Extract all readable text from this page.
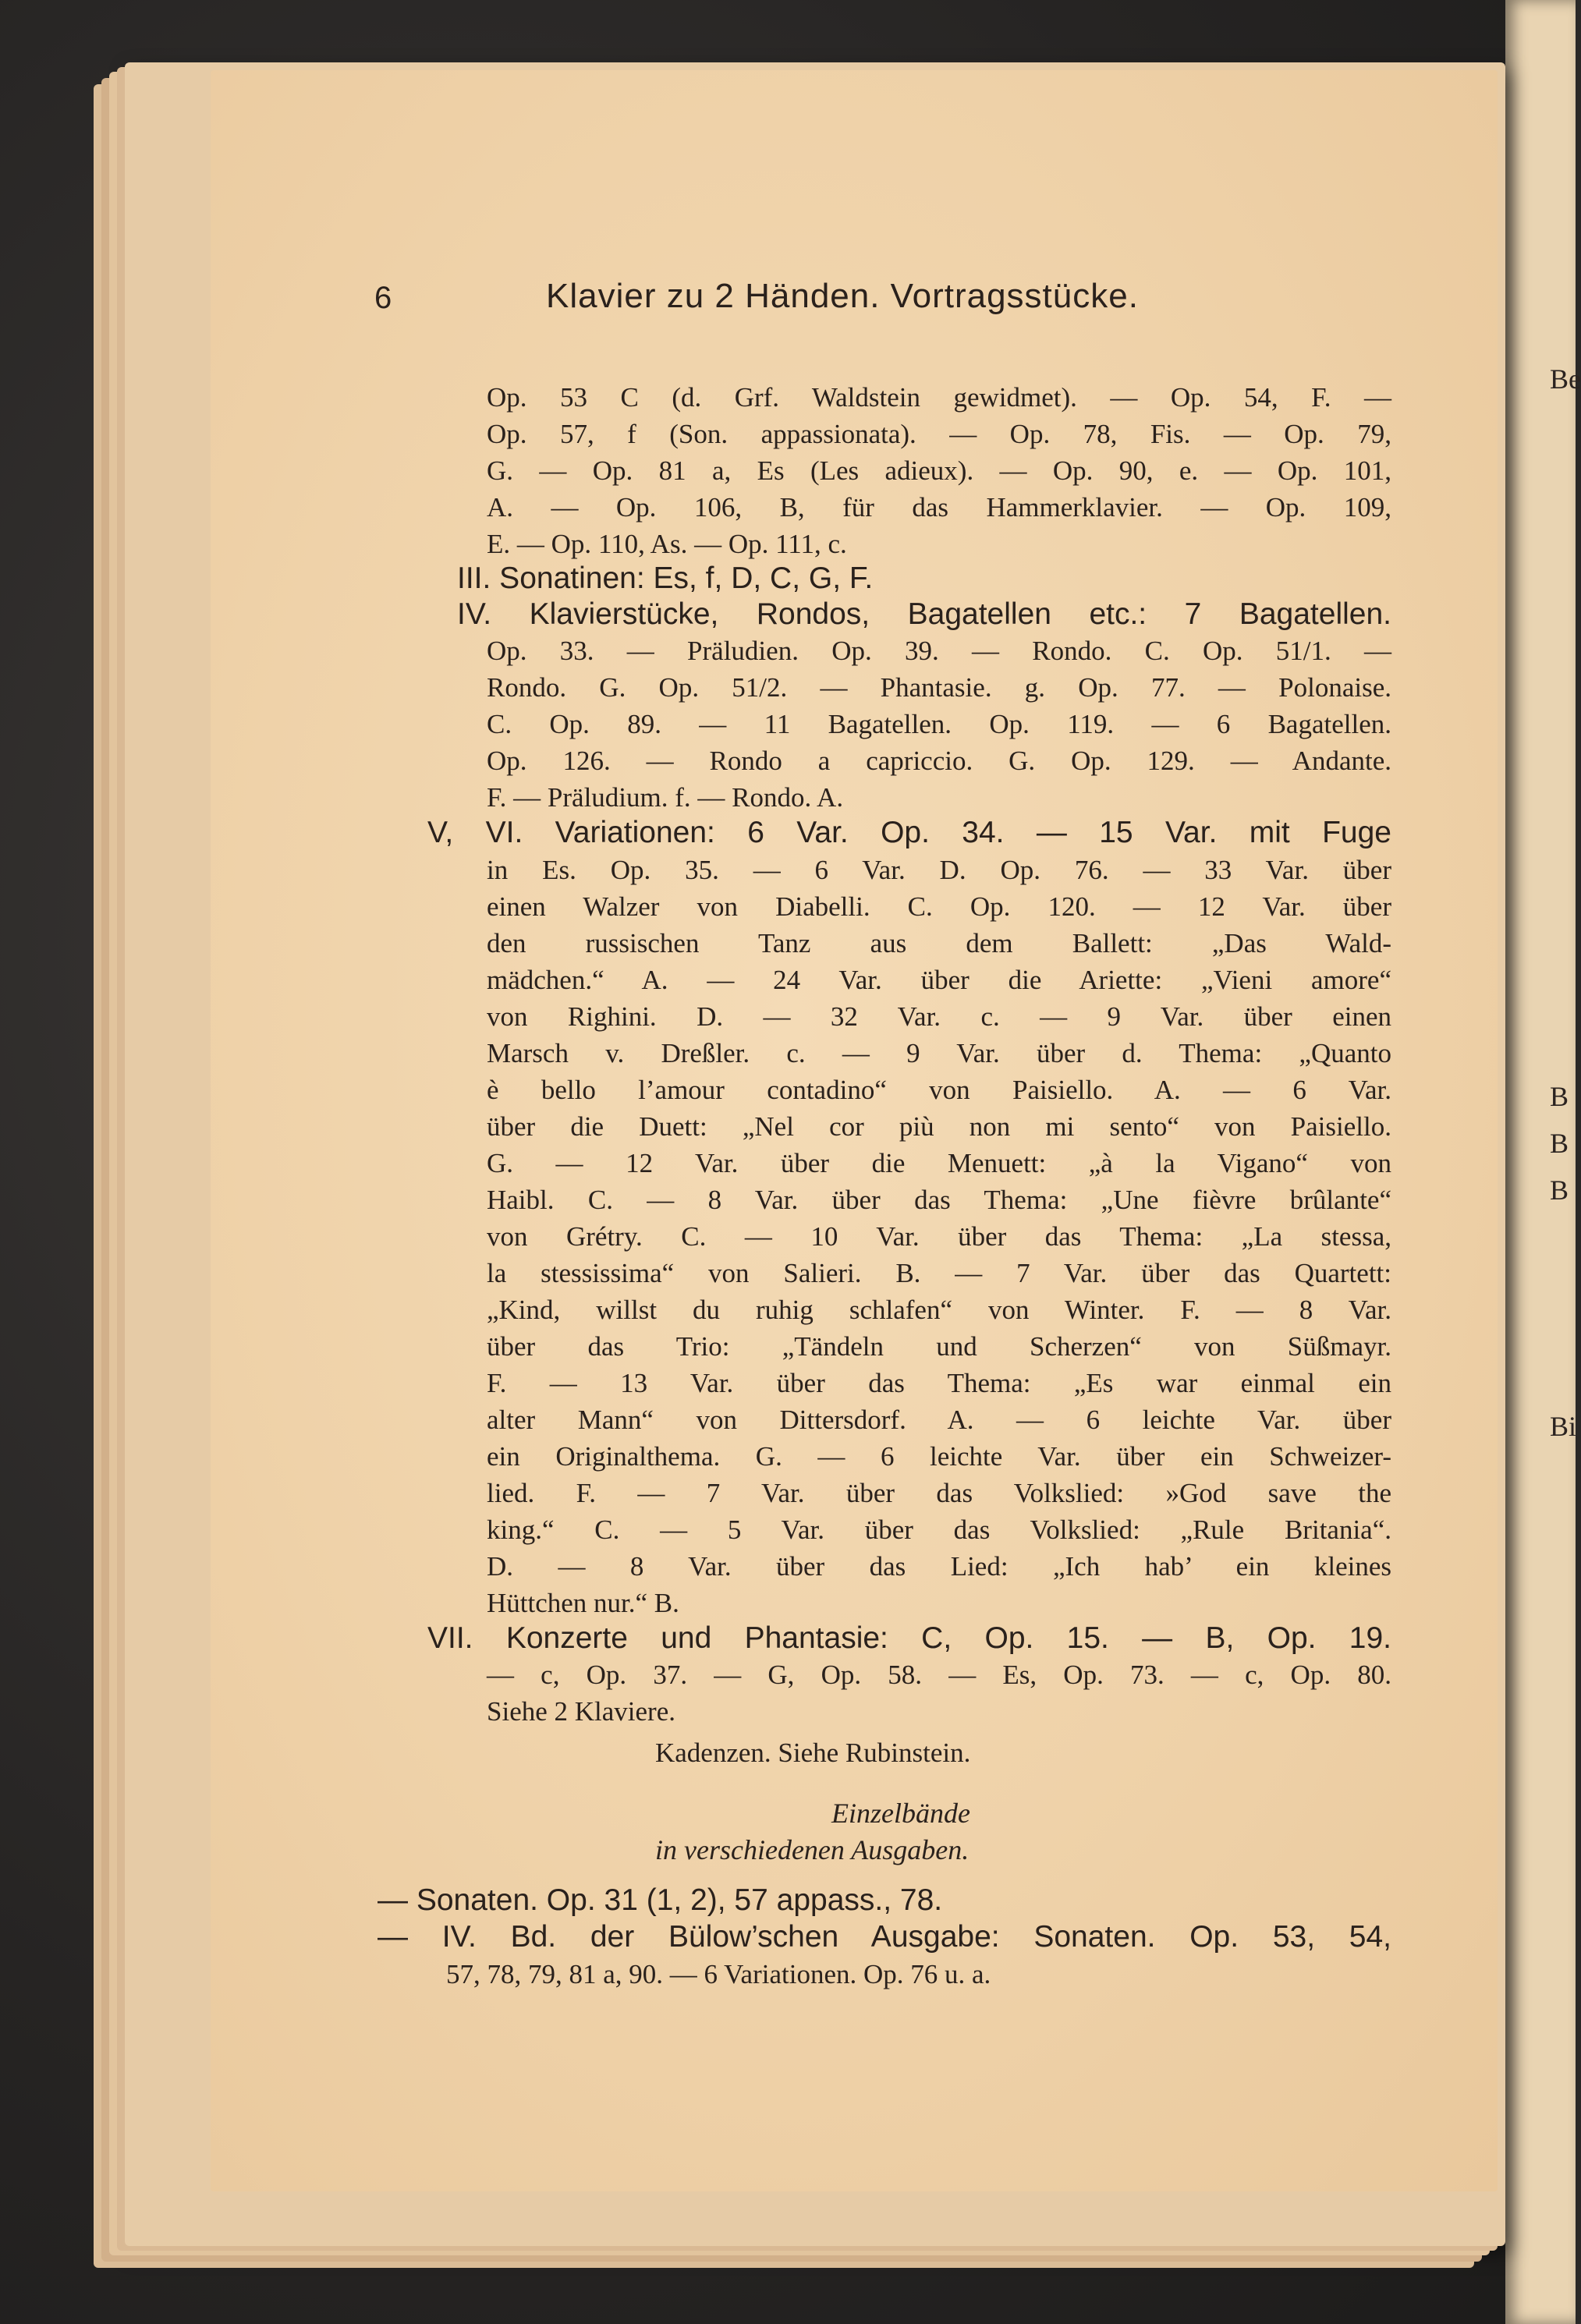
Be
B
B
B
Bi
6	Klavier zu 2 Händen. Vortragsstücke.
Op. 53 C (d. Grf. Waldstein gewidmet). — Op. 54, F. —
Op. 57, f (Son. appassionata). — Op. 78, Fis. — Op. 79,
G. — Op. 81 a, Es (Les adieux). — Op. 90, e. — Op. 101,
A. — Op. 106, B, für das Hammerklavier. — Op. 109,
E. — Op. 110, As. — Op. 111, c.
III. Sonatinen: Es, f, D, C, G, F.
IV. Klavierstücke, Rondos, Bagatellen etc.: 7 Bagatellen.
Op. 33. — Präludien. Op. 39. — Rondo. C. Op. 51/1. —
Rondo. G. Op. 51/2. — Phantasie. g. Op. 77. — Polonaise.
C. Op. 89. — 11 Bagatellen. Op. 119. — 6 Bagatellen.
Op. 126. — Rondo a capriccio. G. Op. 129. — Andante.
F. — Präludium. f. — Rondo. A.
V, VI. Variationen: 6 Var. Op. 34. — 15 Var. mit Fuge
in Es. Op. 35. — 6 Var. D. Op. 76. — 33 Var. über
einen Walzer von Diabelli. C. Op. 120. — 12 Var. über
den russischen Tanz aus dem Ballett: „Das Wald-
mädchen.“ A. — 24 Var. über die Ariette: „Vieni amore“
von Righini. D. — 32 Var. c. — 9 Var. über einen
Marsch v. Dreßler. c. — 9 Var. über d. Thema: „Quanto
è bello l’amour contadino“ von Paisiello. A. — 6 Var.
über die Duett: „Nel cor più non mi sento“ von Paisiello.
G. — 12 Var. über die Menuett: „à la Vigano“ von
Haibl. C. — 8 Var. über das Thema: „Une fièvre brûlante“
von Grétry. C. — 10 Var. über das Thema: „La stessa,
la stessissima“ von Salieri. B. — 7 Var. über das Quartett:
„Kind, willst du ruhig schlafen“ von Winter. F. — 8 Var.
über das Trio: „Tändeln und Scherzen“ von Süßmayr.
F. — 13 Var. über das Thema: „Es war einmal ein
alter Mann“ von Dittersdorf. A. — 6 leichte Var. über
ein Originalthema. G. — 6 leichte Var. über ein Schweizer-
lied. F. — 7 Var. über das Volkslied: »God save the
king.“ C. — 5 Var. über das Volkslied: „Rule Britania“.
D. — 8 Var. über das Lied: „Ich hab’ ein kleines
Hüttchen nur.“ B.
VII. Konzerte und Phantasie: C, Op. 15. — B, Op. 19.
— c, Op. 37. — G, Op. 58. — Es, Op. 73. — c, Op. 80.
Siehe 2 Klaviere.
Kadenzen. Siehe Rubinstein.
Einzelbände
in verschiedenen Ausgaben.
— Sonaten. Op. 31 (1, 2), 57 appass., 78.
— IV. Bd. der Bülow’schen Ausgabe: Sonaten. Op. 53, 54,
57, 78, 79, 81 a, 90. — 6 Variationen. Op. 76 u. a.
